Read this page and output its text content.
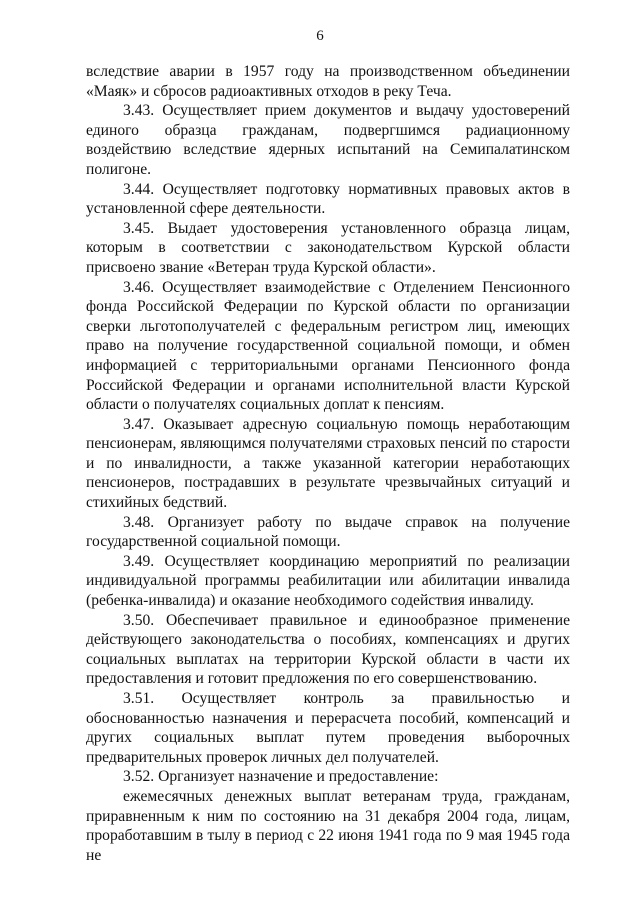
6

вследствие аварии в 1957 году на производственном объединении «Маяк» и сбросов радиоактивных отходов в реку Теча.

3.43. Осуществляет прием документов и выдачу удостоверений единого образца гражданам, подвергшимся радиационному воздействию вследствие ядерных испытаний на Семипалатинском полигоне.

3.44. Осуществляет подготовку нормативных правовых актов в установленной сфере деятельности.

3.45. Выдает удостоверения установленного образца лицам, которым в соответствии с законодательством Курской области присвоено звание «Ветеран труда Курской области».

3.46. Осуществляет взаимодействие с Отделением Пенсионного фонда Российской Федерации по Курской области по организации сверки льготополучателей с федеральным регистром лиц, имеющих право на получение государственной социальной помощи, и обмен информацией с территориальными органами Пенсионного фонда Российской Федерации и органами исполнительной власти Курской области о получателях социальных доплат к пенсиям.

3.47. Оказывает адресную социальную помощь неработающим пенсионерам, являющимся получателями страховых пенсий по старости и по инвалидности, а также указанной категории неработающих пенсионеров, пострадавших в результате чрезвычайных ситуаций и стихийных бедствий.

3.48. Организует работу по выдаче справок на получение государственной социальной помощи.

3.49. Осуществляет координацию мероприятий по реализации индивидуальной программы реабилитации или абилитации инвалида (ребенка-инвалида) и оказание необходимого содействия инвалиду.

3.50. Обеспечивает правильное и единообразное применение действующего законодательства о пособиях, компенсациях и других социальных выплатах на территории Курской области в части их предоставления и готовит предложения по его совершенствованию.

3.51. Осуществляет контроль за правильностью и обоснованностью назначения и перерасчета пособий, компенсаций и других социальных выплат путем проведения выборочных предварительных проверок личных дел получателей.

3.52. Организует назначение и предоставление:

ежемесячных денежных выплат ветеранам труда, гражданам, приравненным к ним по состоянию на 31 декабря 2004 года, лицам, проработавшим в тылу в период с 22 июня 1941 года по 9 мая 1945 года не
